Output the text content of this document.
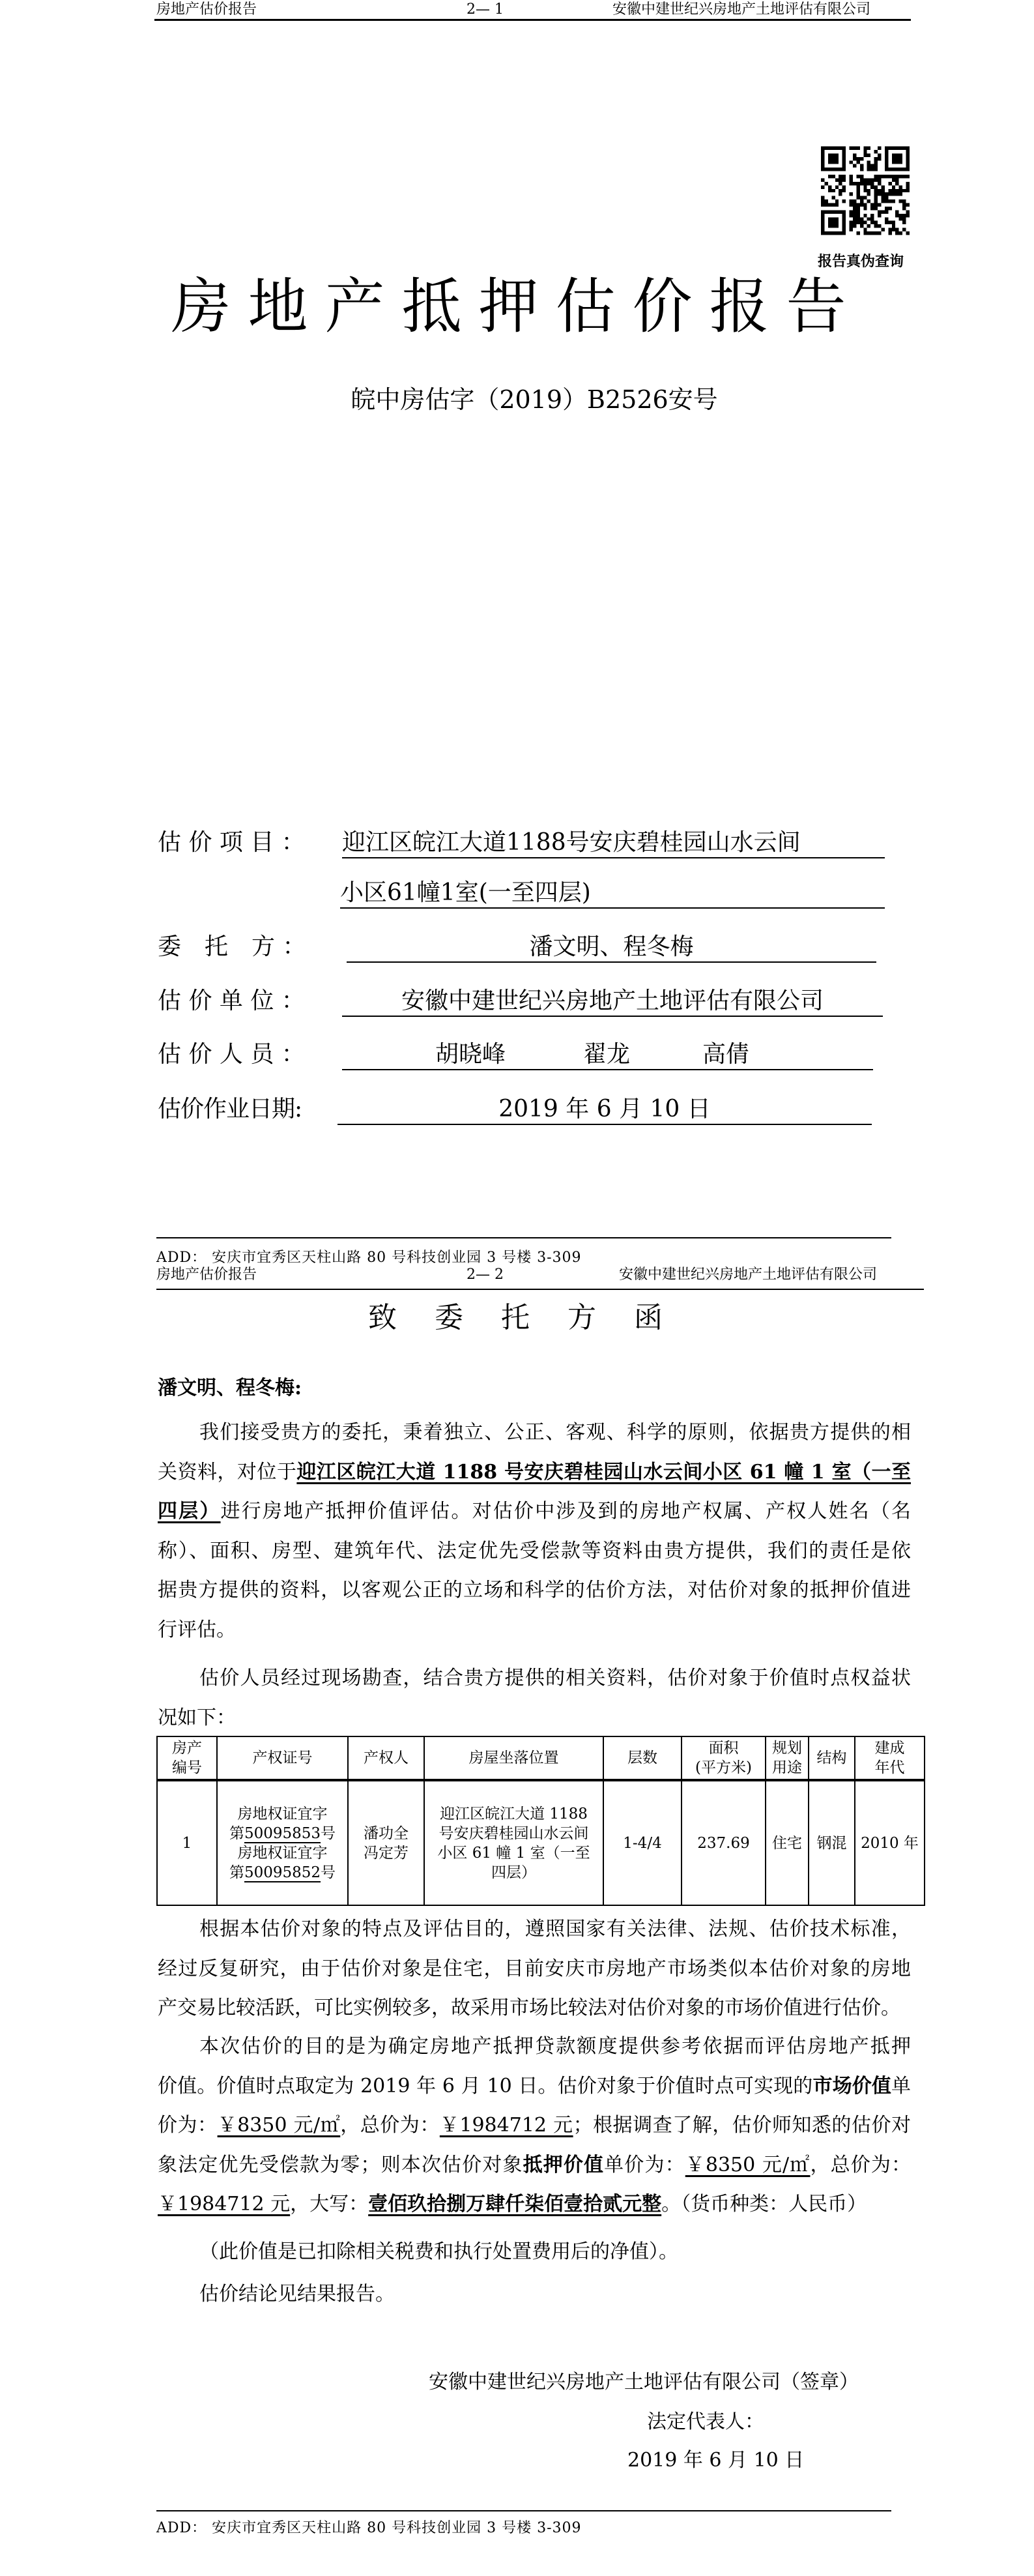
房地产估价报告	2— 1	安徽中建世纪兴房地产土地评估有限公司
报告真伪查询
房地产抵押估价报告
皖中房估字（2019）B2526安号
估 价 项 目 ： 迎江区皖江大道1188号安庆碧桂园山水云间
小区61幢1室(一至四层)
委　托　方 ：	潘文明、程冬梅
估 价 单 位 ：	安徽中建世纪兴房地产土地评估有限公司
估 价 人 员 ：	胡晓峰	翟龙	高倩

估价作业日期:	2019 年 6 月 10 日
ADD： 安庆市宜秀区天柱山路 80 号科技创业园 3 号楼 3-309
房地产估价报告	2— 2	安徽中建世纪兴房地产土地评估有限公司
致委托方函
潘文明、程冬梅:
我们接受贵方的委托，秉着独立、公正、客观、科学的原则，依据贵方提供的相
关资料，对位于迎江区皖江大道 1188 号安庆碧桂园山水云间小区 61 幢 1 室（一至
四层）进行房地产抵押价值评估。对估价中涉及到的房地产权属、产权人姓名（名
称）、面积、房型、建筑年代、法定优先受偿款等资料由贵方提供，我们的责任是依
据贵方提供的资料，以客观公正的立场和科学的估价方法，对估价对象的抵押价值进
行评估。
估价人员经过现场勘查，结合贵方提供的相关资料，估价对象于价值时点权益状
况如下：
房产
编号	产权证号	产权人	房屋坐落位置	层数	面积
(平方米)	规划
用途	结构	建成
年代

1	房地权证宜字
第50095853号
房地权证宜字
第50095852号	潘功全
冯定芳	迎江区皖江大道 1188 号安庆碧桂园山水云间小区 61 幢 1 室（一至四层）	1-4/4	237.69	住宅	钢混	2010 年
根据本估价对象的特点及评估目的，遵照国家有关法律、法规、估价技术标准，
经过反复研究，由于估价对象是住宅，目前安庆市房地产市场类似本估价对象的房地
产交易比较活跃，可比实例较多，故采用市场比较法对估价对象的市场价值进行估价。
本次估价的目的是为确定房地产抵押贷款额度提供参考依据而评估房地产抵押
价值。价值时点取定为 2019 年 6 月 10 日。估价对象于价值时点可实现的市场价值单
价为：￥8350 元/㎡，总价为：￥1984712 元；根据调查了解，估价师知悉的估价对
象法定优先受偿款为零；则本次估价对象抵押价值单价为：￥8350 元/㎡，总价为：
￥1984712 元，大写：壹佰玖拾捌万肆仟柒佰壹拾贰元整。（货币种类：人民币）
（此价值是已扣除相关税费和执行处置费用后的净值）。
估价结论见结果报告。
安徽中建世纪兴房地产土地评估有限公司（签章）
法定代表人：
2019 年 6 月 10 日
ADD： 安庆市宜秀区天柱山路 80 号科技创业园 3 号楼 3-309
